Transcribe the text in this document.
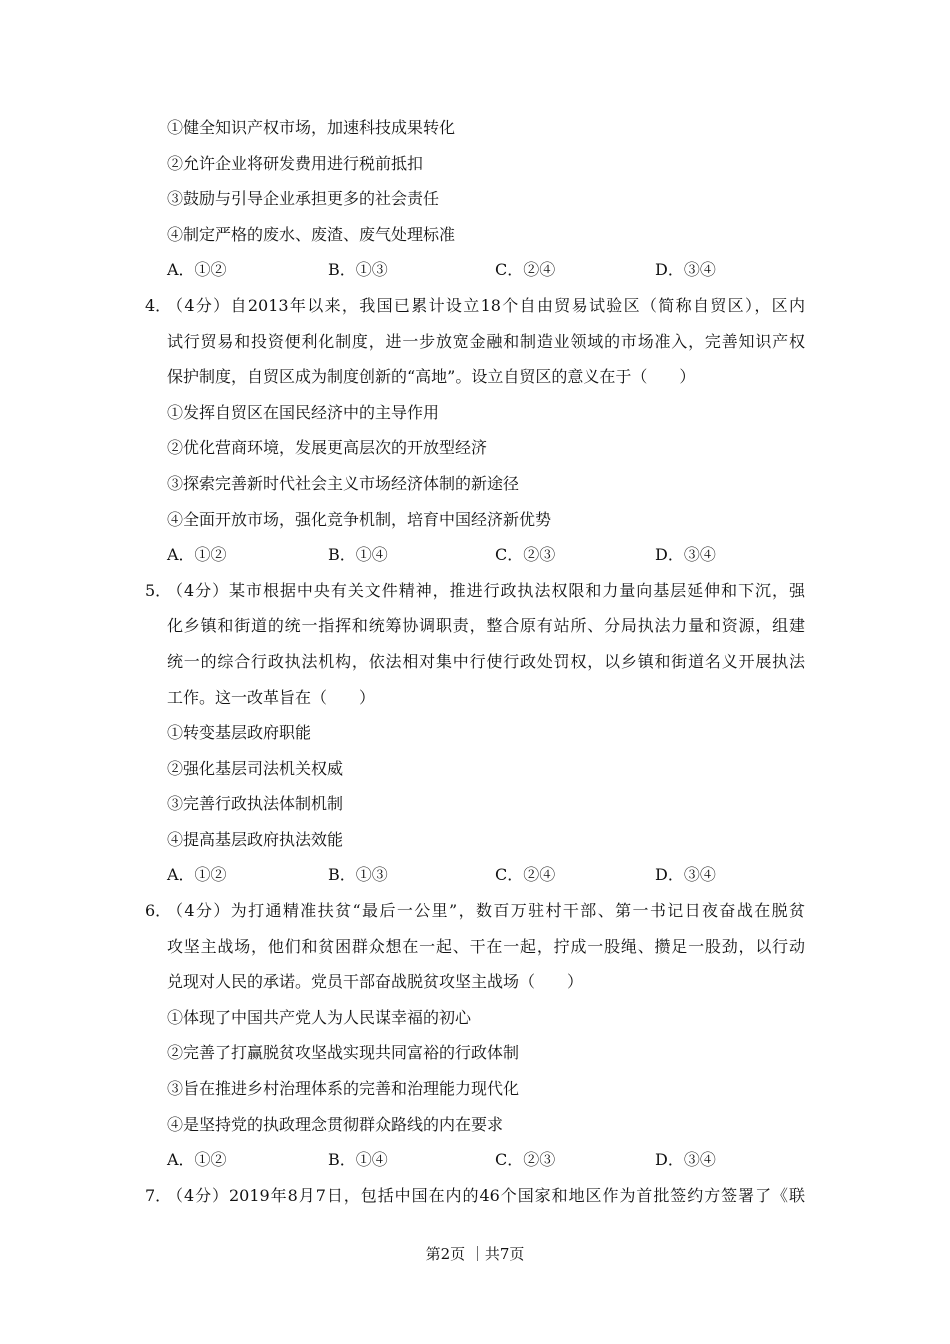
①健全知识产权市场，加速科技成果转化
②允许企业将研发费用进行税前抵扣
③鼓励与引导企业承担更多的社会责任
④制定严格的废水、废渣、废气处理标准
A．①②	B．①③	C．②④	D．③④
4．
（4分）自2013年以来，我国已累计设立18个自由贸易试验区（简称自贸区），区内
试行贸易和投资便利化制度，进一步放宽金融和制造业领域的市场准入，完善知识产权
保护制度，自贸区成为制度创新的“高地”。设立自贸区的意义在于（　　）
①发挥自贸区在国民经济中的主导作用
②优化营商环境，发展更高层次的开放型经济
③探索完善新时代社会主义市场经济体制的新途径
④全面开放市场，强化竞争机制，培育中国经济新优势
A．①②	B．①④	C．②③	D．③④
5．
（4分）某市根据中央有关文件精神，推进行政执法权限和力量向基层延伸和下沉，强
化乡镇和街道的统一指挥和统筹协调职责，整合原有站所、分局执法力量和资源，组建
统一的综合行政执法机构，依法相对集中行使行政处罚权，以乡镇和街道名义开展执法
工作。这一改革旨在（　　）
①转变基层政府职能
②强化基层司法机关权威
③完善行政执法体制机制
④提高基层政府执法效能
A．①②	B．①③	C．②④	D．③④
6．
（4分）为打通精准扶贫“最后一公里”，数百万驻村干部、第一书记日夜奋战在脱贫
攻坚主战场，他们和贫困群众想在一起、干在一起，拧成一股绳、攒足一股劲，以行动
兑现对人民的承诺。党员干部奋战脱贫攻坚主战场（　　）
①体现了中国共产党人为人民谋幸福的初心
②完善了打赢脱贫攻坚战实现共同富裕的行政体制
③旨在推进乡村治理体系的完善和治理能力现代化
④是坚持党的执政理念贯彻群众路线的内在要求
A．①②	B．①④	C．②③	D．③④
7．
（4分）2019年8月7日，包括中国在内的46个国家和地区作为首批签约方签署了《联
第2页 ｜共7页
